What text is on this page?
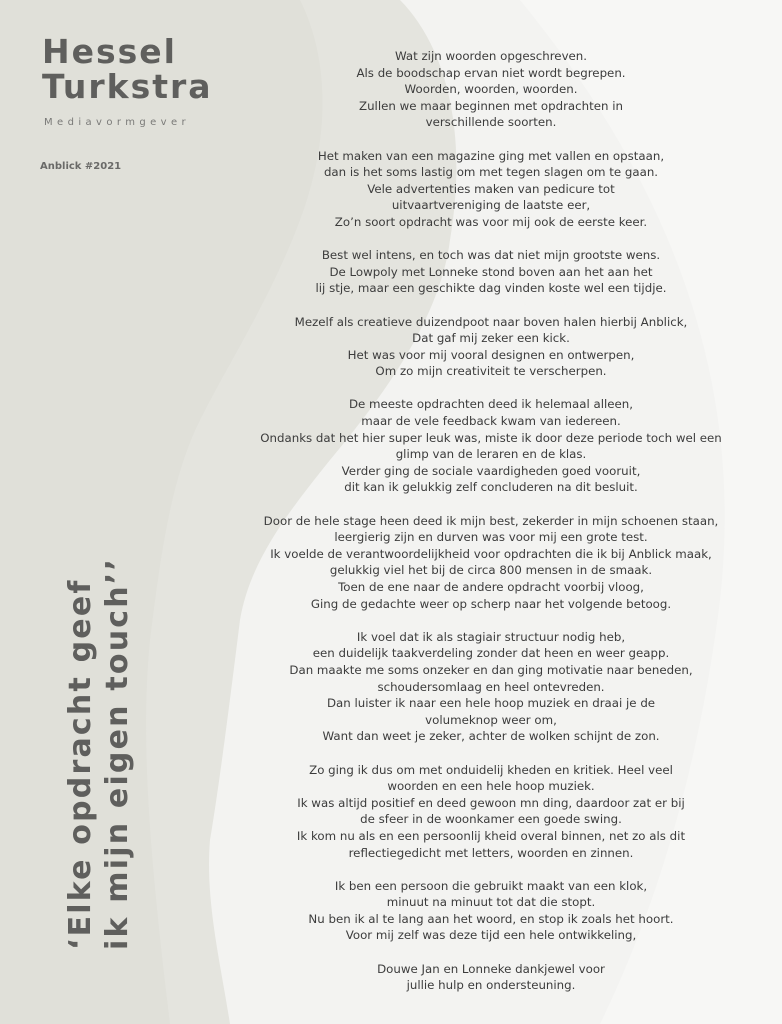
Hessel
Turkstra
Mediavormgever
Anblick #2021
‘Elke opdracht geef ik mijn eigen touch’’
Wat zijn woorden opgeschreven.
Als de boodschap ervan niet wordt begrepen.
Woorden, woorden, woorden.
Zullen we maar beginnen met opdrachten in
verschillende soorten.
Het maken van een magazine ging met vallen en opstaan,
dan is het soms lastig om met tegen slagen om te gaan.
Vele advertenties maken van pedicure tot
uitvaartvereniging de laatste eer,
Zo’n soort opdracht was voor mij ook de eerste keer.
Best wel intens, en toch was dat niet mijn grootste wens.
De Lowpoly met Lonneke stond boven aan het aan het
lij stje, maar een geschikte dag vinden koste wel een tijdje.
Mezelf als creatieve duizendpoot naar boven halen hierbij Anblick,
Dat gaf mij zeker een kick.
Het was voor mij vooral designen en ontwerpen,
Om zo mijn creativiteit te verscherpen.
De meeste opdrachten deed ik helemaal alleen,
maar de vele feedback kwam van iedereen.
Ondanks dat het hier super leuk was, miste ik door deze periode toch wel een
glimp van de leraren en de klas.
Verder ging de sociale vaardigheden goed vooruit,
dit kan ik gelukkig zelf concluderen na dit besluit.
Door de hele stage heen deed ik mijn best, zekerder in mijn schoenen staan,
leergierig zijn en durven was voor mij een grote test.
Ik voelde de verantwoordelijkheid voor opdrachten die ik bij Anblick maak,
gelukkig viel het bij de circa 800 mensen in de smaak.
Toen de ene naar de andere opdracht voorbij vloog,
Ging de gedachte weer op scherp naar het volgende betoog.
Ik voel dat ik als stagiair structuur nodig heb,
een duidelijk taakverdeling zonder dat heen en weer geapp.
Dan maakte me soms onzeker en dan ging motivatie naar beneden,
schoudersomlaag en heel ontevreden.
Dan luister ik naar een hele hoop muziek en draai je de
volumeknop weer om,
Want dan weet je zeker, achter de wolken schijnt de zon.
Zo ging ik dus om met onduidelij kheden en kritiek. Heel veel
woorden en een hele hoop muziek.
Ik was altijd positief en deed gewoon mn ding, daardoor zat er bij
de sfeer in de woonkamer een goede swing.
Ik kom nu als en een persoonlij kheid overal binnen, net zo als dit
reflectiegedicht met letters, woorden en zinnen.
Ik ben een persoon die gebruikt maakt van een klok,
minuut na minuut tot dat die stopt.
Nu ben ik al te lang aan het woord, en stop ik zoals het hoort.
Voor mij zelf was deze tijd een hele ontwikkeling,
Douwe Jan en Lonneke dankjewel voor
jullie hulp en ondersteuning.
